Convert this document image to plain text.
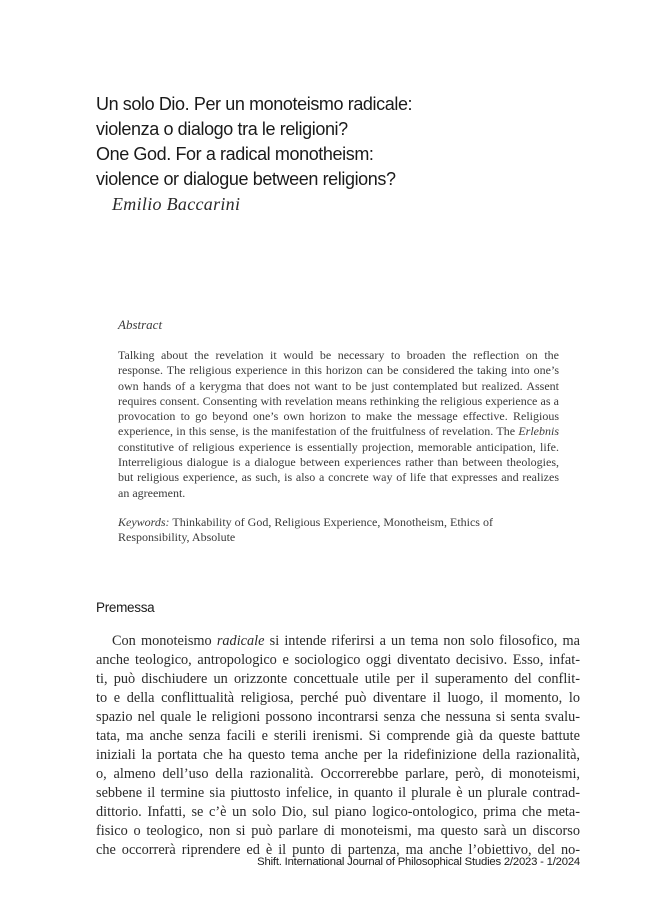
Un solo Dio. Per un monoteismo radicale:
violenza o dialogo tra le religioni?
One God. For a radical monotheism:
violence or dialogue between religions?
Emilio Baccarini
Abstract
Talking about the revelation it would be necessary to broaden the reflection on the response. The religious experience in this horizon can be considered the taking into one’s own hands of a kerygma that does not want to be just contemplated but realized. Assent requires consent. Consenting with revelation means rethinking the religious experience as a provocation to go beyond one’s own horizon to make the message effective. Religious experience, in this sense, is the manifestation of the fruitfulness of revelation. The Erlebnis constitutive of religious experience is essentially projection, memorable anticipation, life. Interreligious dialogue is a dialogue between experiences rather than between theologies, but religious experience, as such, is also a concrete way of life that expresses and realizes an agreement.
Keywords: Thinkability of God, Religious Experience, Monotheism, Ethics of Responsibility, Absolute
Premessa
Con monoteismo radicale si intende riferirsi a un tema non solo filosofico, ma
anche teologico, antropologico e sociologico oggi diventato decisivo. Esso, infat-
ti, può dischiudere un orizzonte concettuale utile per il superamento del conflit-
to e della conflittualità religiosa, perché può diventare il luogo, il momento, lo
spazio nel quale le religioni possono incontrarsi senza che nessuna si senta svalu-
tata, ma anche senza facili e sterili irenismi. Si comprende già da queste battute
iniziali la portata che ha questo tema anche per la ridefinizione della razionalità,
o, almeno dell’uso della razionalità. Occorrerebbe parlare, però, di monoteismi,
sebbene il termine sia piuttosto infelice, in quanto il plurale è un plurale contrad-
dittorio. Infatti, se c’è un solo Dio, sul piano logico-ontologico, prima che meta-
fisico o teologico, non si può parlare di monoteismi, ma questo sarà un discorso
che occorrerà riprendere ed è il punto di partenza, ma anche l’obiettivo, del no-
Shift. International Journal of Philosophical Studies 2/2023 - 1/2024
